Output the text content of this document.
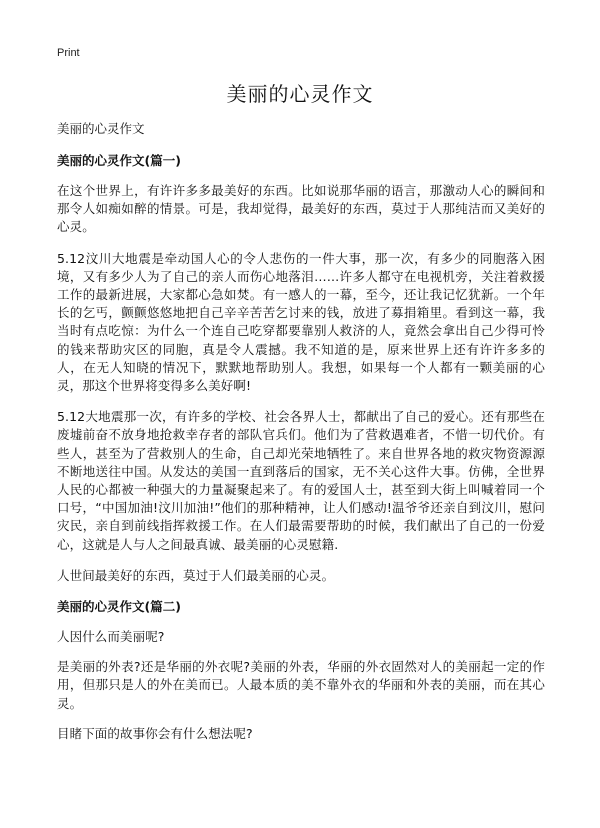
Print
美丽的心灵作文

美丽的心灵作文

美丽的心灵作文(篇一)

在这个世界上，有许许多多最美好的东西。比如说那华丽的语言，那激动人心的瞬间和那令人如痴如醉的情景。可是，我却觉得，最美好的东西，莫过于人那纯洁而又美好的心灵。

5.12汶川大地震是牵动国人心的令人悲伤的一件大事，那一次，有多少的同胞落入困境，又有多少人为了自己的亲人而伤心地落泪……许多人都守在电视机旁，关注着救援工作的最新进展，大家都心急如焚。有一感人的一幕，至今，还让我记忆犹新。一个年长的乞丐，颤颤悠悠地把自己辛辛苦苦乞讨来的钱，放进了募捐箱里。看到这一幕，我当时有点吃惊：为什么一个连自己吃穿都要靠别人救济的人，竟然会拿出自己少得可怜的钱来帮助灾区的同胞，真是令人震撼。我不知道的是，原来世界上还有许许多多的人，在无人知晓的情况下，默默地帮助别人。我想，如果每一个人都有一颗美丽的心灵，那这个世界将变得多么美好啊!

5.12大地震那一次，有许多的学校、社会各界人士，都献出了自己的爱心。还有那些在废墟前奋不放身地抢救幸存者的部队官兵们。他们为了营救遇难者，不惜一切代价。有些人，甚至为了营救别人的生命，自己却光荣地牺牲了。来自世界各地的救灾物资源源不断地送往中国。从发达的美国一直到落后的国家，无不关心这件大事。仿佛，全世界人民的心都被一种强大的力量凝聚起来了。有的爱国人士，甚至到大街上叫喊着同一个口号，“中国加油!汶川加油!”他们的那种精神，让人们感动!温爷爷还亲自到汶川，慰问灾民，亲自到前线指挥救援工作。在人们最需要帮助的时候，我们献出了自己的一份爱心，这就是人与人之间最真诚、最美丽的心灵慰籍.

人世间最美好的东西，莫过于人们最美丽的心灵。

美丽的心灵作文(篇二)

人因什么而美丽呢?

是美丽的外表?还是华丽的外衣呢?美丽的外表，华丽的外衣固然对人的美丽起一定的作用，但那只是人的外在美而已。人最本质的美不靠外衣的华丽和外表的美丽，而在其心灵。

目睹下面的故事你会有什么想法呢?
